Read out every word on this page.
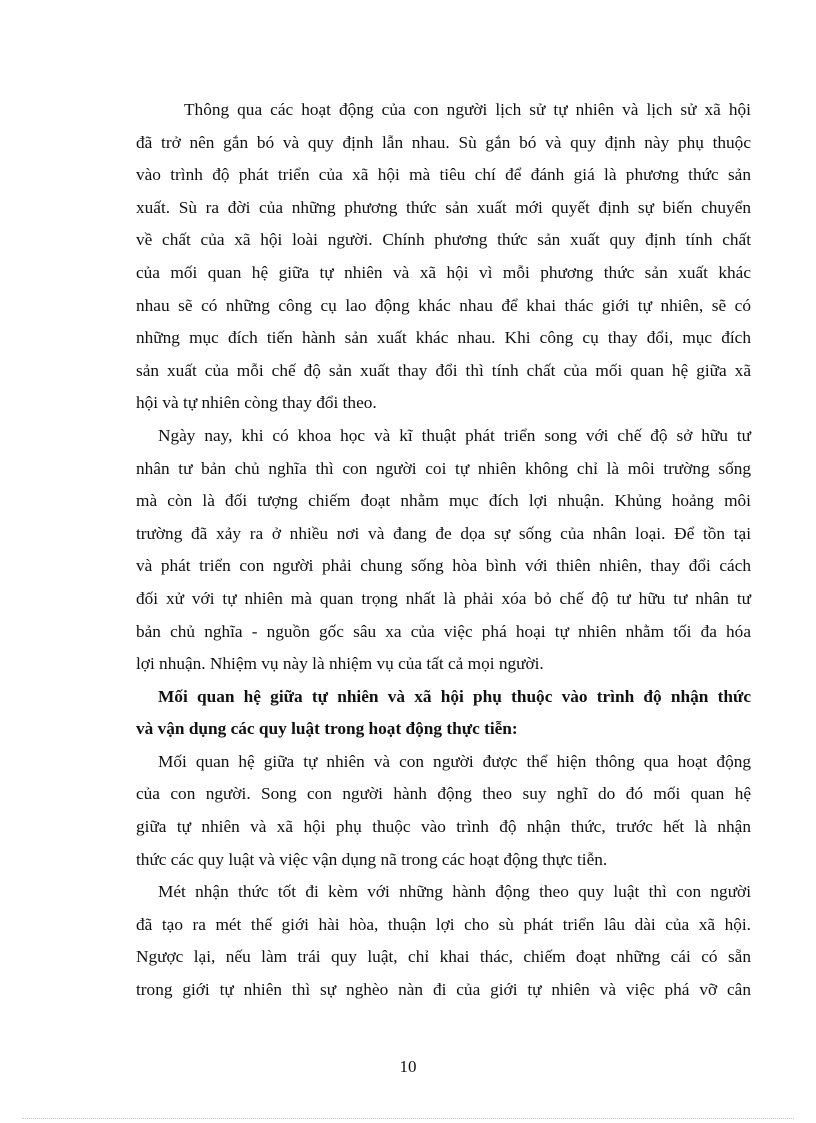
Thông qua các hoạt động của con người lịch sử tự nhiên và lịch sử xã hội
đã trở nên gắn bó và quy định lẫn nhau. Sù gắn bó và quy định này phụ thuộc
vào trình độ phát triển của xã hội mà tiêu chí để đánh giá là phương thức sản
xuất. Sù ra đời của những phương thức sản xuất mới quyết định sự biến chuyển
về chất của xã hội loài người. Chính phương thức sản xuất quy định tính chất
của mối quan hệ giữa tự nhiên và xã hội vì mỗi phương thức sản xuất khác
nhau sẽ có những công cụ lao động khác nhau để khai thác giới tự nhiên, sẽ có
những mục đích tiến hành sản xuất khác nhau. Khi công cụ thay đổi, mục đích
sản xuất của mỗi chế độ sản xuất thay đổi thì tính chất của mối quan hệ giữa xã
hội và tự nhiên còng thay đổi theo.
Ngày nay, khi có khoa học và kĩ thuật phát triển song với chế độ sở hữu tư
nhân tư bản chủ nghĩa thì con người coi tự nhiên không chỉ là môi trường sống
mà còn là đối tượng chiếm đoạt nhằm mục đích lợi nhuận. Khủng hoảng môi
trường đã xảy ra ở nhiều nơi và đang đe dọa sự sống của nhân loại. Để tồn tại
và phát triển con người phải chung sống hòa bình với thiên nhiên, thay đổi cách
đối xử với tự nhiên mà quan trọng nhất là phải xóa bỏ chế độ tư hữu tư nhân tư
bản chủ nghĩa - nguồn gốc sâu xa của việc phá hoại tự nhiên nhằm tối đa hóa
lợi nhuận. Nhiệm vụ này là nhiệm vụ của tất cả mọi người.
Mối quan hệ giữa tự nhiên và xã hội phụ thuộc vào trình độ nhận thức
và vận dụng các quy luật trong hoạt động thực tiễn:
Mối quan hệ giữa tự nhiên và con người được thể hiện thông qua hoạt động
của con người. Song con người hành động theo suy nghĩ do đó mối quan hệ
giữa tự nhiên và xã hội phụ thuộc vào trình độ nhận thức, trước hết là nhận
thức các quy luật và việc vận dụng nã trong các hoạt động thực tiễn.
Mét nhận thức tốt đi kèm với những hành động theo quy luật thì con người
đã tạo ra mét thế giới hài hòa, thuận lợi cho sù phát triển lâu dài của xã hội.
Ngược lại, nếu làm trái quy luật, chỉ khai thác, chiếm đoạt những cái có sẵn
trong giới tự nhiên thì sự nghèo nàn đi của giới tự nhiên và việc phá vỡ cân
10
